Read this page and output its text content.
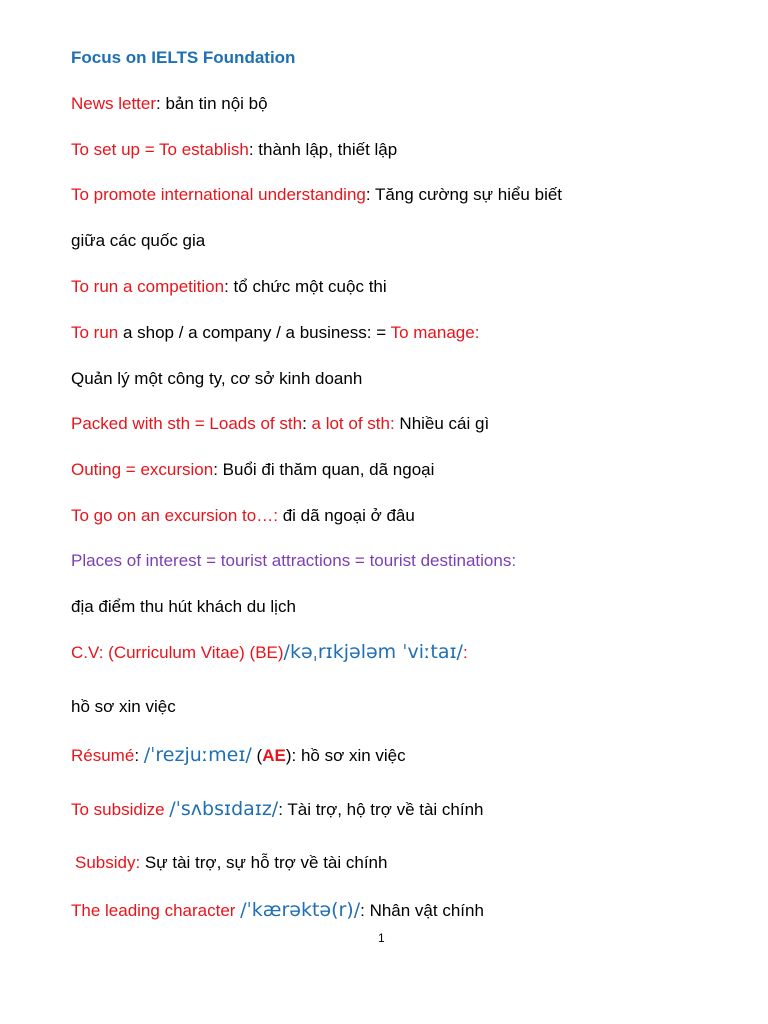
Focus on IELTS Foundation
News letter: bản tin nội bộ
To set up = To establish: thành lập, thiết lập
To promote international understanding: Tăng cường sự hiểu biết
giữa các quốc gia
To run a competition: tổ chức một cuộc thi
To run a shop / a company / a business: = To manage:
Quản lý một công ty, cơ sở kinh doanh
Packed with sth = Loads of sth: a lot of sth: Nhiều cái gì
Outing = excursion: Buổi đi thăm quan, dã ngoại
To go on an excursion to…: đi dã ngoại ở đâu
Places of interest = tourist attractions = tourist destinations:
địa điểm thu hút khách du lịch
C.V: (Curriculum Vitae) (BE)/kəˌrɪkjələm ˈviːtaɪ/:
hồ sơ xin việc
Résumé: /ˈrezjuːmeɪ/ (AE): hồ sơ xin việc
To subsidize /ˈsʌbsɪdaɪz/: Tài trợ, hộ trợ về tài chính
Subsidy: Sự tài trợ, sự hỗ trợ về tài chính
The leading character /ˈkærəktə(r)/: Nhân vật chính
1
